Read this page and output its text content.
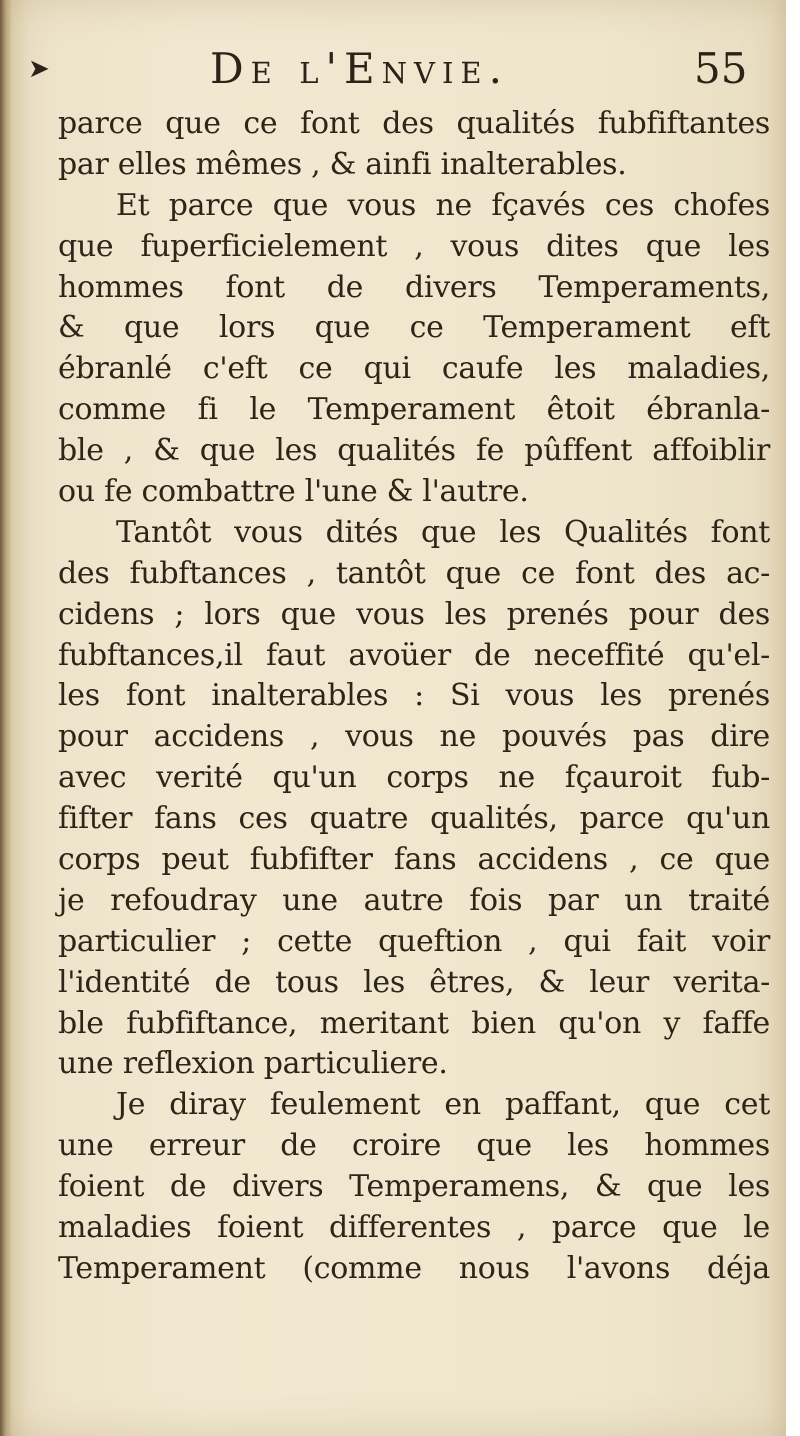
➤	De l'Envie.	55
parce que ce font des qualités fubfiftantes
par elles mêmes , & ainfi inalterables.
Et parce que vous ne fçavés ces chofes
que fuperficielement , vous dites que les
hommes font de divers Temperaments,
& que lors que ce Temperament eft
ébranlé c'eft ce qui caufe les maladies,
comme fi le Temperament êtoit ébranla-
ble , & que les qualités fe pûffent affoiblir
ou fe combattre l'une & l'autre.
Tantôt vous dités que les Qualités font
des fubftances , tantôt que ce font des ac-
cidens ; lors que vous les prenés pour des
fubftances,il faut avoüer de neceffité qu'el-
les font inalterables : Si vous les prenés
pour accidens , vous ne pouvés pas dire
avec verité qu'un corps ne fçauroit fub-
fifter fans ces quatre qualités, parce qu'un
corps peut fubfifter fans accidens , ce que
je refoudray une autre fois par un traité
particulier ; cette queftion , qui fait voir
l'identité de tous les êtres, & leur verita-
ble fubfiftance, meritant bien qu'on y faffe
une reflexion particuliere.
Je diray feulement en paffant, que cet
une erreur de croire que les hommes
foient de divers Temperamens, & que les
maladies foient differentes , parce que le
Temperament (comme nous l'avons déja
